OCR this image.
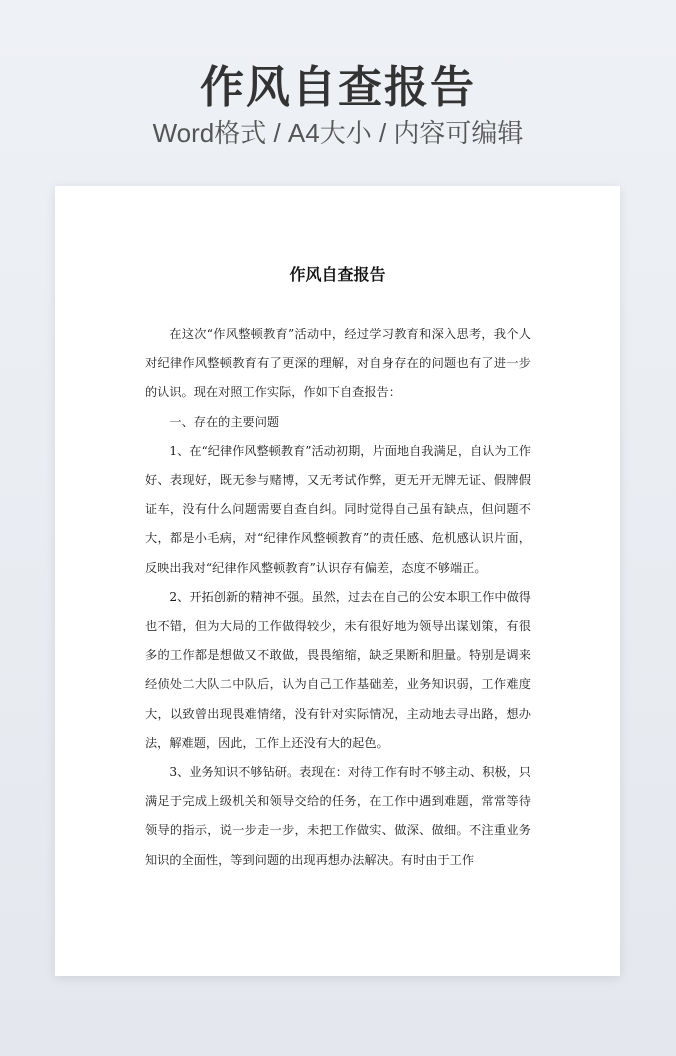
作风自查报告
Word格式 / A4大小 / 内容可编辑
作风自查报告

在这次“作风整顿教育”活动中，经过学习教育和深入思考，我个人对纪律作风整顿教育有了更深的理解，对自身存在的问题也有了进一步的认识。现在对照工作实际，作如下自查报告：

一、存在的主要问题

1、在“纪律作风整顿教育”活动初期，片面地自我满足，自认为工作好、表现好，既无参与赌博，又无考试作弊，更无开无牌无证、假牌假证车，没有什么问题需要自查自纠。同时觉得自己虽有缺点，但问题不大，都是小毛病，对“纪律作风整顿教育”的责任感、危机感认识片面，反映出我对“纪律作风整顿教育”认识存有偏差，态度不够端正。

2、开拓创新的精神不强。虽然，过去在自己的公安本职工作中做得也不错，但为大局的工作做得较少，未有很好地为领导出谋划策，有很多的工作都是想做又不敢做，畏畏缩缩，缺乏果断和胆量。特别是调来经侦处二大队二中队后，认为自己工作基础差，业务知识弱，工作难度大，以致曾出现畏难情绪，没有针对实际情况，主动地去寻出路，想办法，解难题，因此，工作上还没有大的起色。

3、业务知识不够钻研。表现在：对待工作有时不够主动、积极，只满足于完成上级机关和领导交给的任务，在工作中遇到难题，常常等待领导的指示，说一步走一步，未把工作做实、做深、做细。不注重业务知识的全面性，等到问题的出现再想办法解决。有时由于工作
